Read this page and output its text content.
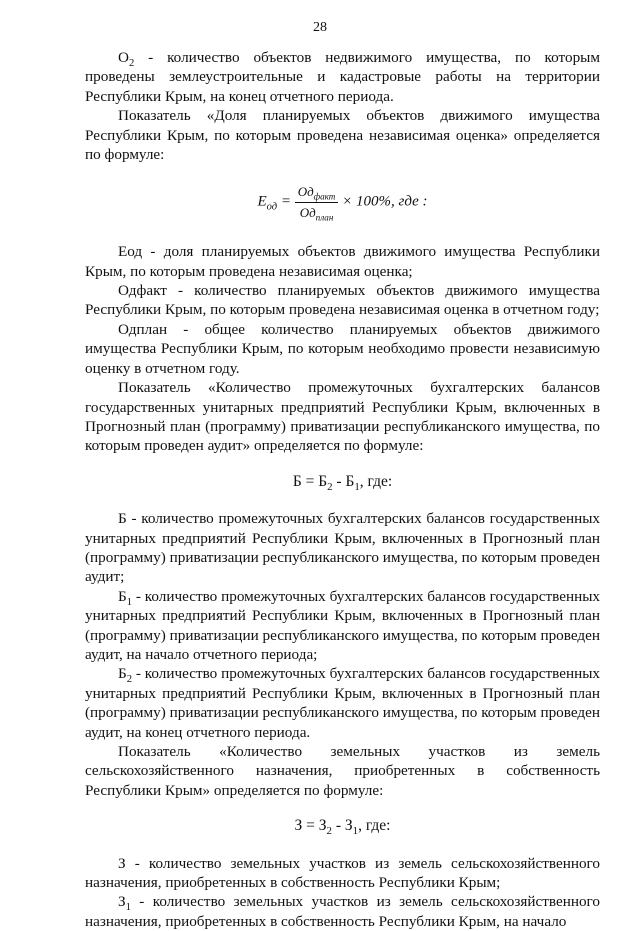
28

$О_2$ - количество объектов недвижимого имущества, по которым проведены землеустроительные и кадастровые работы на территории Республики Крым, на конец отчетного периода.

Показатель «Доля планируемых объектов движимого имущества Республики Крым, по которым проведена независимая оценка» определяется по формуле:

$E_{од} = \frac{Од_{факт}}{Од_{план}} \times 100\%$, где :

Еод - доля планируемых объектов движимого имущества Республики Крым, по которым проведена независимая оценка;

Одфакт - количество планируемых объектов движимого имущества Республики Крым, по которым проведена независимая оценка в отчетном году;

Одплан - общее количество планируемых объектов движимого имущества Республики Крым, по которым необходимо провести независимую оценку в отчетном году.

Показатель «Количество промежуточных бухгалтерских балансов государственных унитарных предприятий Республики Крым, включенных в Прогнозный план (программу) приватизации республиканского имущества, по которым проведен аудит» определяется по формуле:

$Б = Б_2 - Б_1$, где:

Б - количество промежуточных бухгалтерских балансов государственных унитарных предприятий Республики Крым, включенных в Прогнозный план (программу) приватизации республиканского имущества, по которым проведен аудит;

$Б_1$ - количество промежуточных бухгалтерских балансов государственных унитарных предприятий Республики Крым, включенных в Прогнозный план (программу) приватизации республиканского имущества, по которым проведен аудит, на начало отчетного периода;

$Б_2$ - количество промежуточных бухгалтерских балансов государственных унитарных предприятий Республики Крым, включенных в Прогнозный план (программу) приватизации республиканского имущества, по которым проведен аудит, на конец отчетного периода.

Показатель «Количество земельных участков из земель сельскохозяйственного назначения, приобретенных в собственность Республики Крым» определяется по формуле:

$З = З_2 - З_1$, где:

З - количество земельных участков из земель сельскохозяйственного назначения, приобретенных в собственность Республики Крым;

$З_1$ - количество земельных участков из земель сельскохозяйственного назначения, приобретенных в собственность Республики Крым, на начало
